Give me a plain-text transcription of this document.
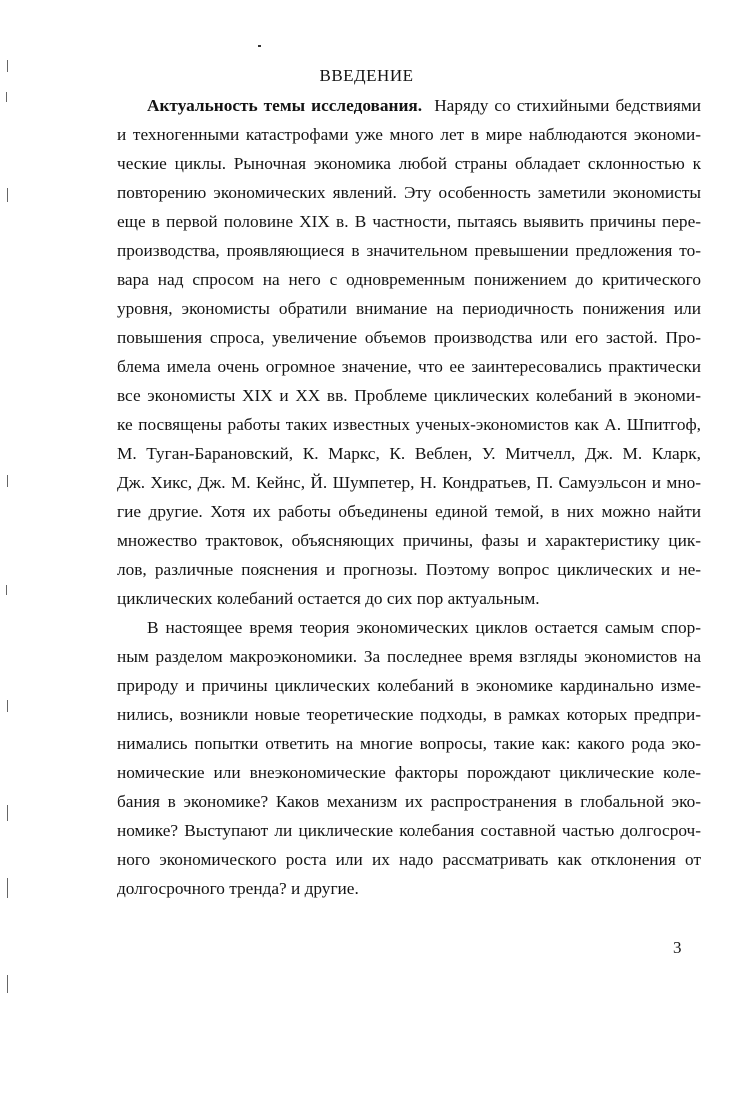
ВВЕДЕНИЕ
Актуальность темы исследования. Наряду со стихийными бедствиями
и техногенными катастрофами уже много лет в мире наблюдаются экономи-
ческие циклы. Рыночная экономика любой страны обладает склонностью к
повторению экономических явлений. Эту особенность заметили экономисты
еще в первой половине XIX в. В частности, пытаясь выявить причины пере-
производства, проявляющиеся в значительном превышении предложения то-
вара над спросом на него с одновременным понижением до критического
уровня, экономисты обратили внимание на периодичность понижения или
повышения спроса, увеличение объемов производства или его застой. Про-
блема имела очень огромное значение, что ее заинтересовались практически
все экономисты XIX и XX вв. Проблеме циклических колебаний в экономи-
ке посвящены работы таких известных ученых-экономистов как А. Шпитгоф,
М. Туган-Барановский, К. Маркс, К. Веблен, У. Митчелл, Дж. М. Кларк,
Дж. Хикс, Дж. М. Кейнс, Й. Шумпетер, Н. Кондратьев, П. Самуэльсон и мно-
гие другие. Хотя их работы объединены единой темой, в них можно найти
множество трактовок, объясняющих причины, фазы и характеристику цик-
лов, различные пояснения и прогнозы. Поэтому вопрос циклических и не-
циклических колебаний остается до сих пор актуальным.
В настоящее время теория экономических циклов остается самым спор-
ным разделом макроэкономики. За последнее время взгляды экономистов на
природу и причины циклических колебаний в экономике кардинально изме-
нились, возникли новые теоретические подходы, в рамках которых предпри-
нимались попытки ответить на многие вопросы, такие как: какого рода эко-
номические или внеэкономические факторы порождают циклические коле-
бания в экономике? Каков механизм их распространения в глобальной эко-
номике? Выступают ли циклические колебания составной частью долгосроч-
ного экономического роста или их надо рассматривать как отклонения от
долгосрочного тренда? и другие.
3
